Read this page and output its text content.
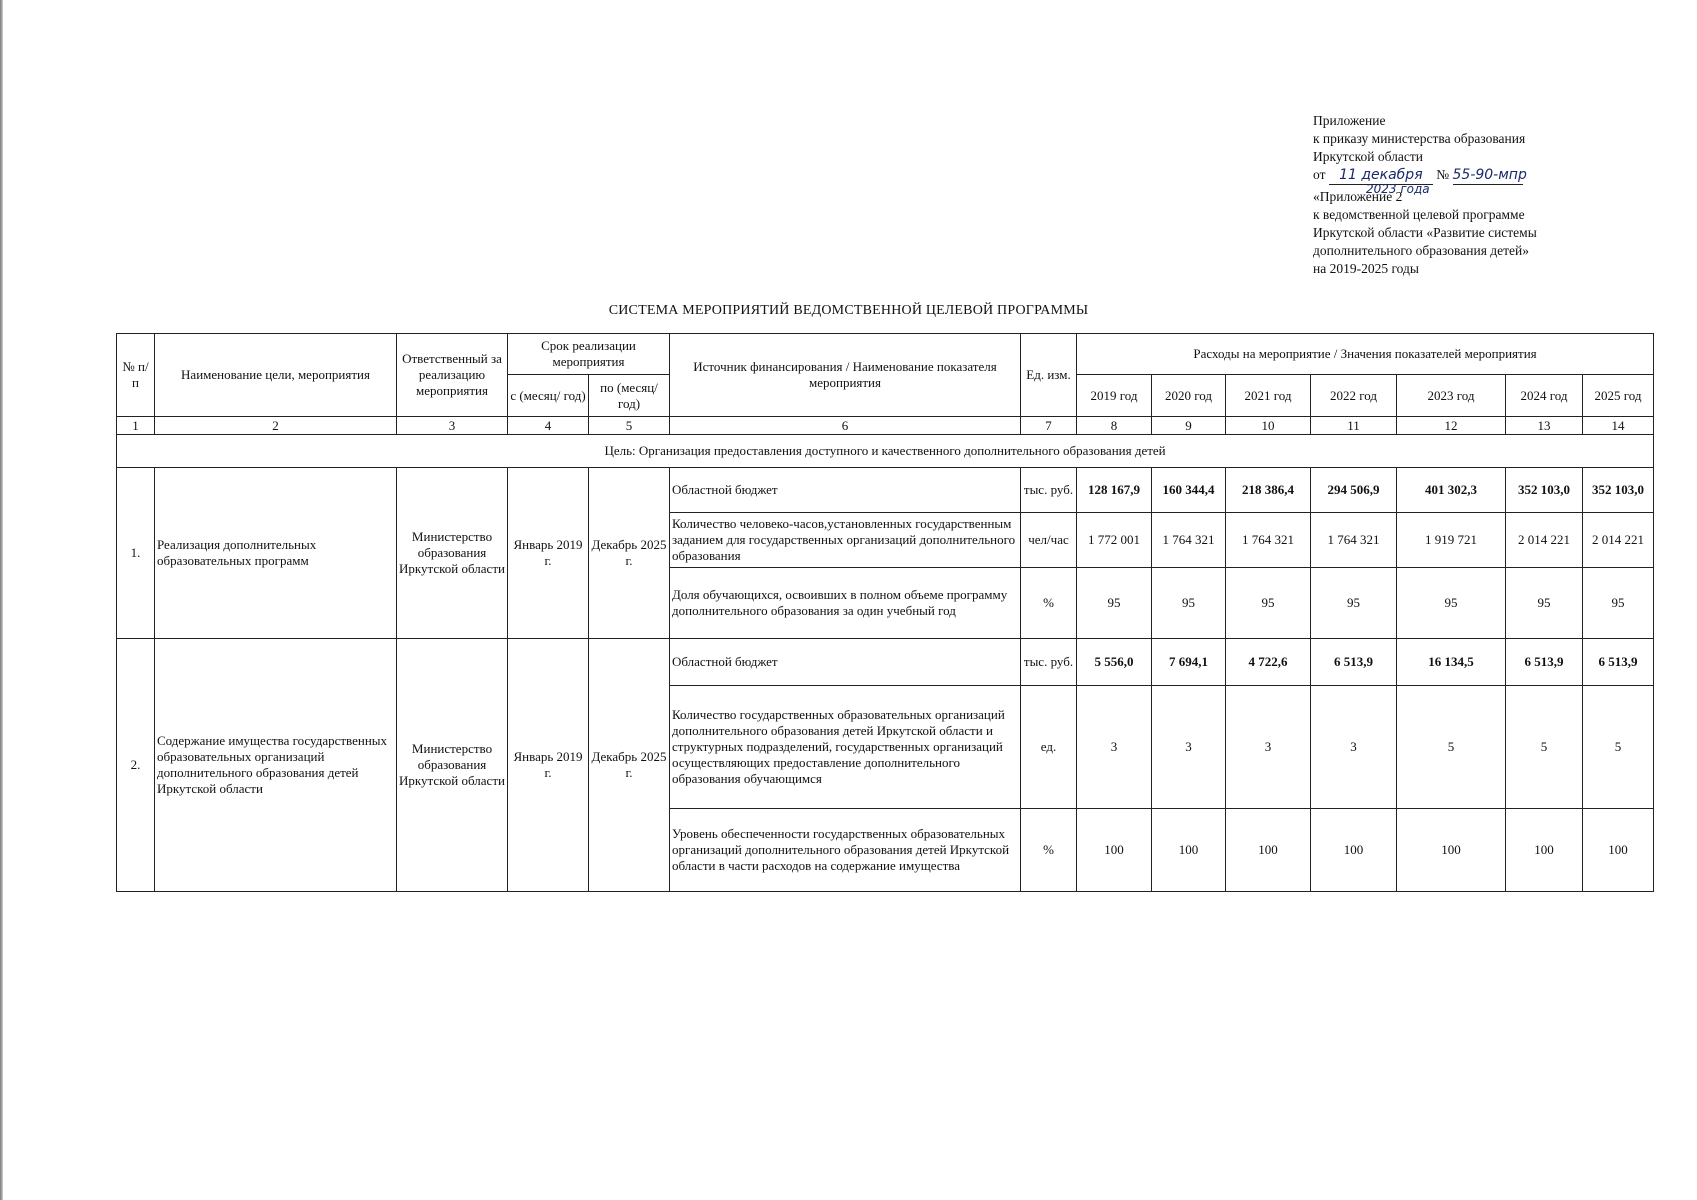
Приложение
к приказу министерства образования
Иркутской области
от 11 декабря № 55-90-мпр
2023 года
«Приложение 2
к ведомственной целевой программе
Иркутской области «Развитие системы
дополнительного образования детей»
на 2019-2025 годы
СИСТЕМА МЕРОПРИЯТИЙ ВЕДОМСТВЕННОЙ ЦЕЛЕВОЙ ПРОГРАММЫ
№ п/п	Наименование цели, мероприятия	Ответственный за реализацию мероприятия	Срок реализации мероприятия		Источник финансирования / Наименование показателя мероприятия	Ед. изм.	Расходы на мероприятие / Значения показателей мероприятия						
			с (месяц/ год)	по (месяц/ год)			2019 год	2020 год	2021 год	2022 год	2023 год	2024 год	2025 год
1	2	3	4	5	6	7	8	9	10	11	12	13	14
Цель: Организация предоставления доступного и качественного дополнительного образования детей													
1.	Реализация дополнительных образовательных программ	Министерство образования Иркутской области	Январь 2019 г.	Декабрь 2025 г.	Областной бюджет	тыс. руб.	128 167,9	160 344,4	218 386,4	294 506,9	401 302,3	352 103,0	352 103,0
					Количество человеко-часов,установленных государственным заданием для государственных организаций дополнительного образования	чел/час	1 772 001	1 764 321	1 764 321	1 764 321	1 919 721	2 014 221	2 014 221
					Доля обучающихся, освоивших в полном объеме программу дополнительного образования за один учебный год	%	95	95	95	95	95	95	95
2.	Содержание имущества государственных образовательных организаций дополнительного образования детей Иркутской области	Министерство образования Иркутской области	Январь 2019 г.	Декабрь 2025 г.	Областной бюджет	тыс. руб.	5 556,0	7 694,1	4 722,6	6 513,9	16 134,5	6 513,9	6 513,9
					Количество государственных образовательных организаций дополнительного образования детей Иркутской области и структурных подразделений, государственных организаций осуществляющих предоставление дополнительного образования обучающимся	ед.	3	3	3	3	5	5	5
					Уровень обеспеченности государственных образовательных организаций дополнительного образования детей Иркутской области в части расходов на содержание имущества	%	100	100	100	100	100	100	100
